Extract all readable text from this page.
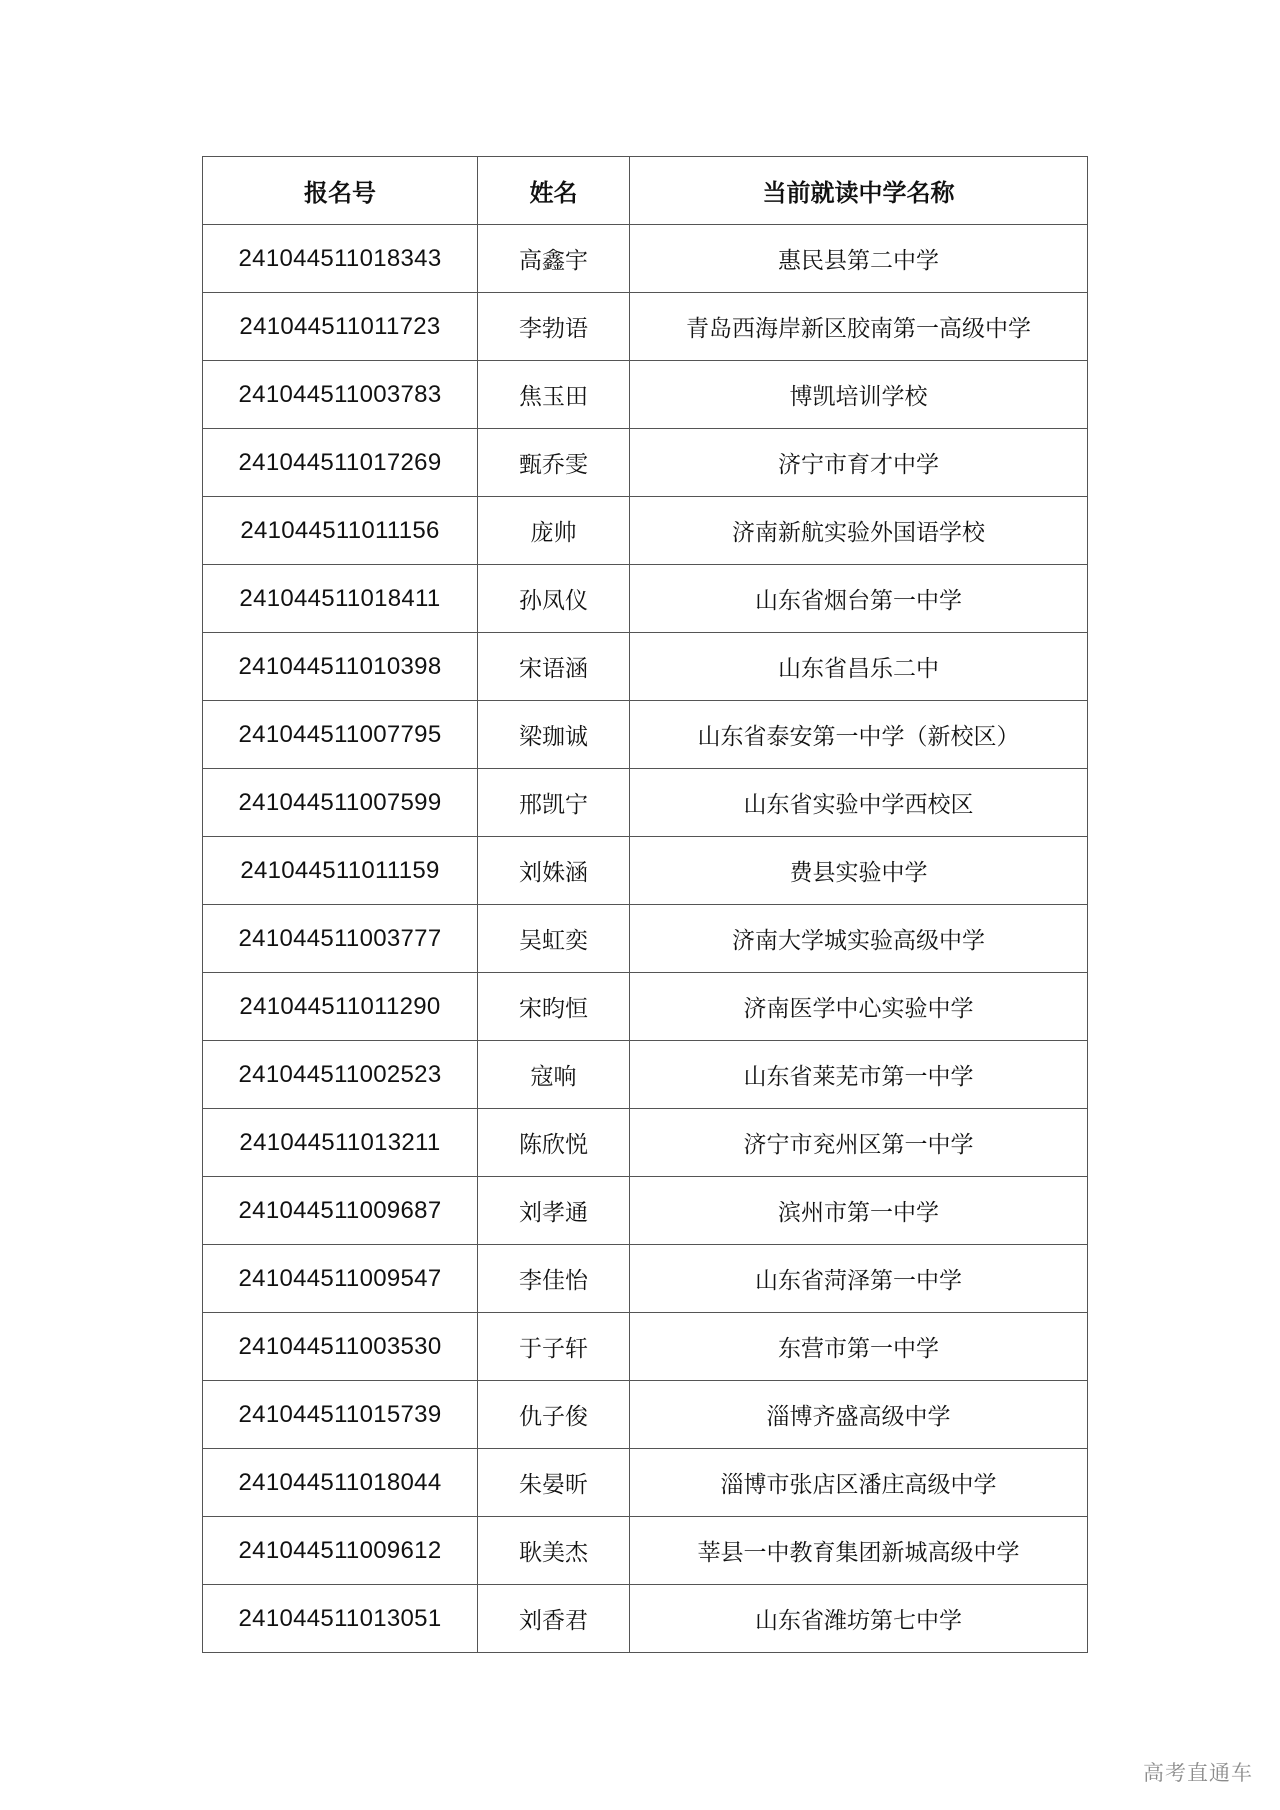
报名号	姓名	当前就读中学名称
241044511018343	高鑫宇	惠民县第二中学
241044511011723	李勃语	青岛西海岸新区胶南第一高级中学
241044511003783	焦玉田	博凯培训学校
241044511017269	甄乔雯	济宁市育才中学
241044511011156	庞帅	济南新航实验外国语学校
241044511018411	孙凤仪	山东省烟台第一中学
241044511010398	宋语涵	山东省昌乐二中
241044511007795	梁珈诚	山东省泰安第一中学（新校区）
241044511007599	邢凯宁	山东省实验中学西校区
241044511011159	刘姝涵	费县实验中学
241044511003777	吴虹奕	济南大学城实验高级中学
241044511011290	宋昀恒	济南医学中心实验中学
241044511002523	寇响	山东省莱芜市第一中学
241044511013211	陈欣悦	济宁市兖州区第一中学
241044511009687	刘孝通	滨州市第一中学
241044511009547	李佳怡	山东省菏泽第一中学
241044511003530	于子轩	东营市第一中学
241044511015739	仇子俊	淄博齐盛高级中学
241044511018044	朱晏昕	淄博市张店区潘庄高级中学
241044511009612	耿美杰	莘县一中教育集团新城高级中学
241044511013051	刘香君	山东省潍坊第七中学
高考直通车
